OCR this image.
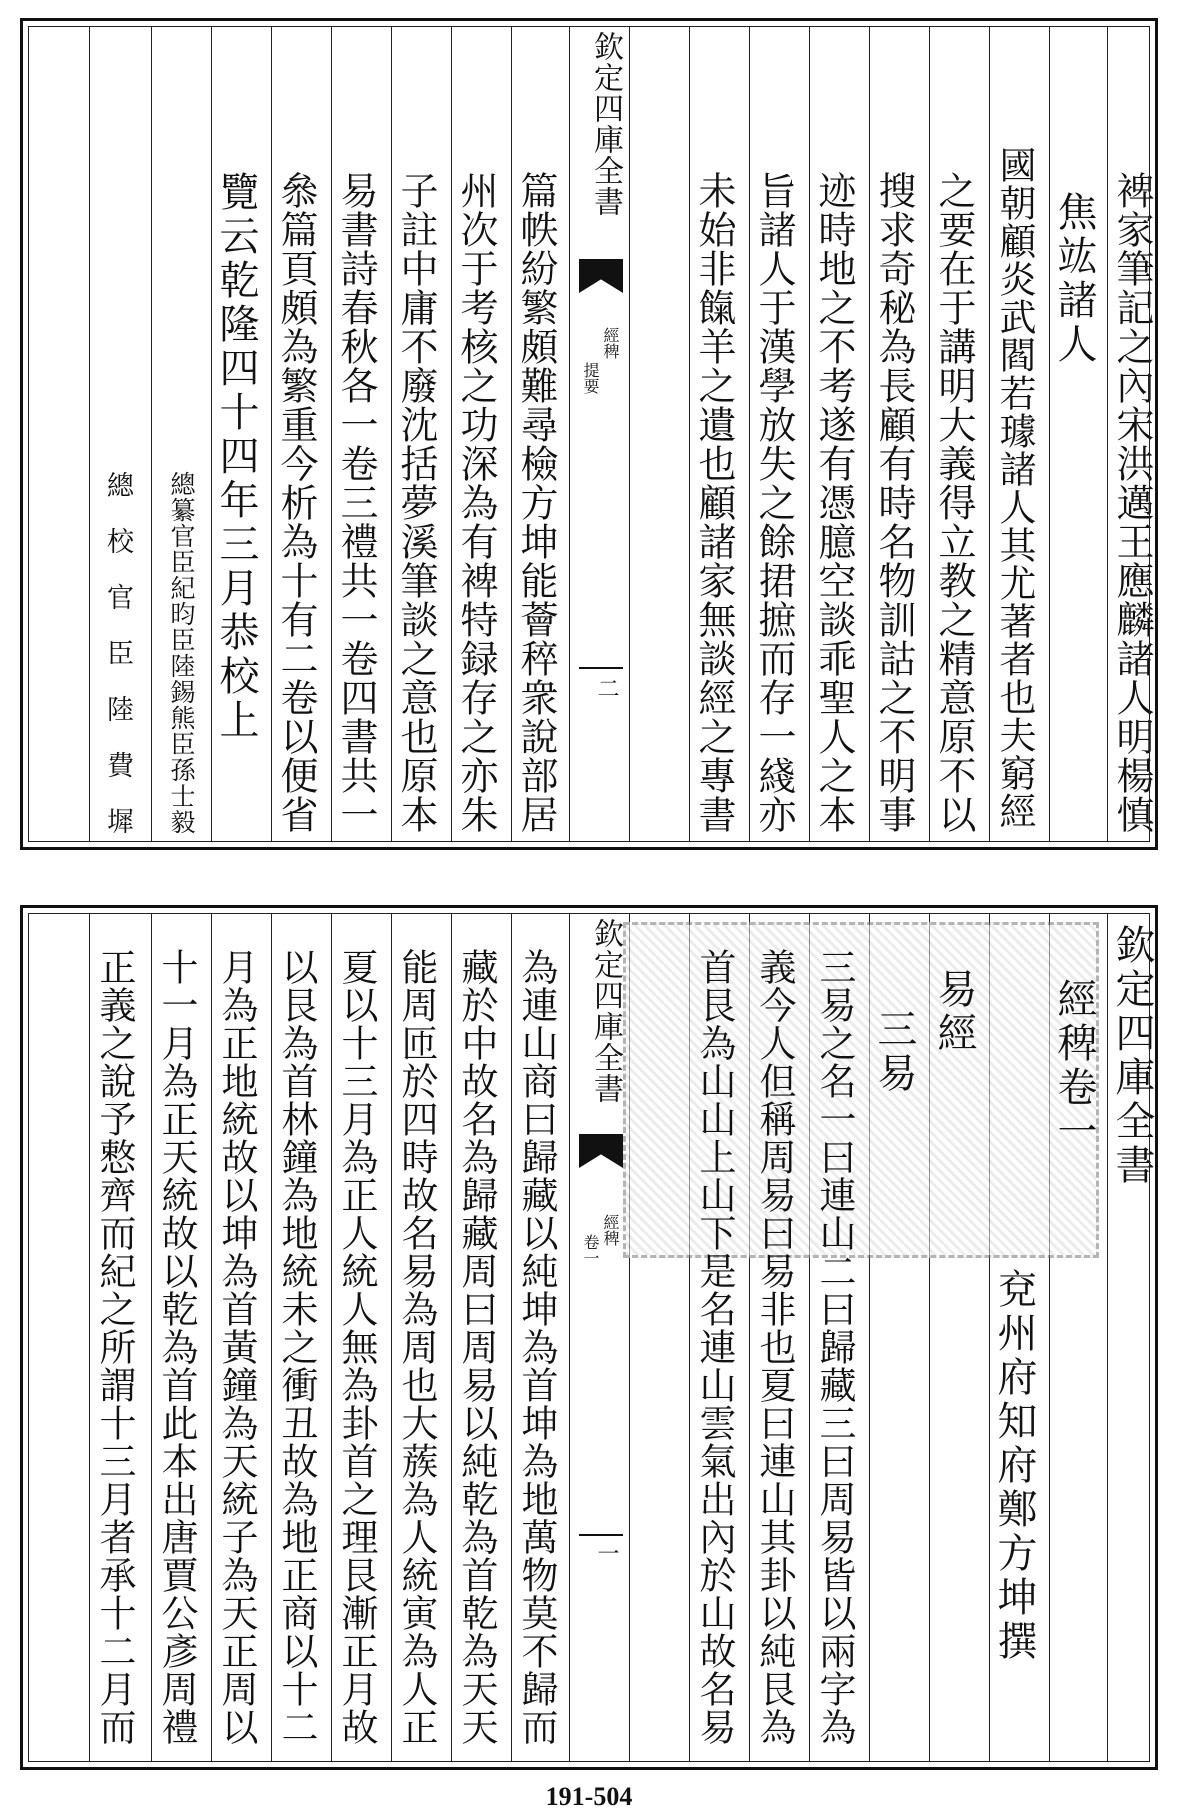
裨家筆記之內宋洪邁王應麟諸人明楊慎
焦竑諸人
國朝顧炎武閻若璩諸人其尤著者也夫窮經
之要在于講明大義得立教之精意原不以
搜求奇秘為長顧有時名物訓詁之不明事
迹時地之不考遂有憑臆空談乖聖人之本
旨諸人于漢學放失之餘捃摭而存一綫亦
未始非餼羊之遺也顧諸家無談經之專書
欽定四庫全書
經稗
提要
二
篇帙紛繁頗難尋檢方坤能薈稡衆說部居
州次于考核之功深為有裨特録存之亦朱
子註中庸不廢沈括夢溪筆談之意也原本
易書詩春秋各一卷三禮共一卷四書共一
叅篇頁頗為繁重今析為十有二卷以便省
覽云乾隆四十四年三月恭校上
總纂官臣紀昀臣陸錫熊臣孫士毅
總　校　官　臣　陸　費　墀
欽定四庫全書
經稗卷一
兗州府知府鄭方坤撰
易經
三易
三易之名一曰連山二曰歸藏三曰周易皆以兩字為
義今人但稱周易曰易非也夏曰連山其卦以純艮為
首艮為山山上山下是名連山雲氣出內於山故名易
欽定四庫全書
經稗
卷一
一
為連山商曰歸藏以純坤為首坤為地萬物莫不歸而
藏於中故名為歸藏周曰周易以純乾為首乾為天天
能周匝於四時故名易為周也大蔟為人統寅為人正
夏以十三月為正人統人無為卦首之理艮漸正月故
以艮為首林鐘為地統未之衝丑故為地正商以十二
月為正地統故以坤為首黃鐘為天統子為天正周以
十一月為正天統故以乾為首此本出唐賈公彥周禮
正義之說予慗齊而紀之所謂十三月者承十二月而
191-504
